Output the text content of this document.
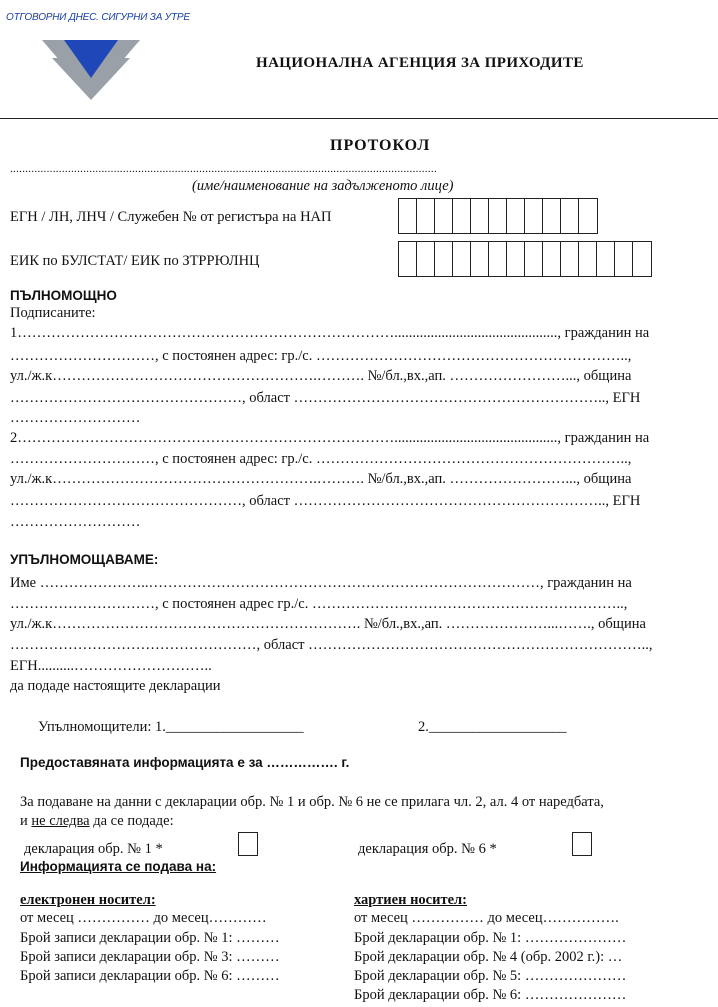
ОТГОВОРНИ ДНЕС. СИГУРНИ ЗА УТРЕ
НАЦИОНАЛНА АГЕНЦИЯ ЗА ПРИХОДИТЕ
ПРОТОКОЛ
............................................................................................................................................
(име/наименование на задълженото лице)
ЕГН / ЛН, ЛНЧ / Служебен № от регистъра на НАП
ЕИК по БУЛСТАТ/ ЕИК по ЗТРРЮЛНЦ
ПЪЛНОМОЩНО
Подписаните:
1……………………………………………………………………............................................., гражданин на
…………………………, с постоянен адрес: гр./с. ………………………………………………………..,
ул./ж.к……………………………………………….………. №/бл.,вх.,ап. ……………………..., община
…………………………………………, област ……………………………………………………….., ЕГН
………………………
2……………………………………………………………………............................................., гражданин на
…………………………, с постоянен адрес: гр./с. ………………………………………………………..,
ул./ж.к……………………………………………….………. №/бл.,вх.,ап. ……………………..., община
…………………………………………, област ……………………………………………………….., ЕГН
………………………
УПЪЛНОМОЩАВАМЕ:
Име …………………..………………………………………………………………………, гражданин на
…………………………, с постоянен адрес гр./с. ………………………………………………………..,
ул./ж.к………………………………………………………. №/бл.,вх.,ап. …………………...……., община
……………………………………………, област ……………………………………………………………..,
ЕГН..........………………………..
да подаде настоящите декларации
Упълномощители: 1.___________________	2.___________________
Предоставяната информацията е за ……………. г.
За подаване на данни с декларации обр. № 1 и обр. № 6 не се прилага чл. 2, ал. 4 от наредбата,
и не следва да се подаде:
декларация обр. № 1 *	декларация обр. № 6 *
Информацията се подава на:
електронен носител:
от месец …………… до месец…………
Брой записи декларации обр. № 1: ………
Брой записи декларации обр. № 3: ………
Брой записи декларации обр. № 6: ………
хартиен носител:
от месец …………… до месец…………….
Брой декларации обр. № 1: …………………
Брой декларации обр. № 4 (обр. 2002 г.): …
Брой декларации обр. № 5: …………………
Брой декларации обр. № 6: …………………
